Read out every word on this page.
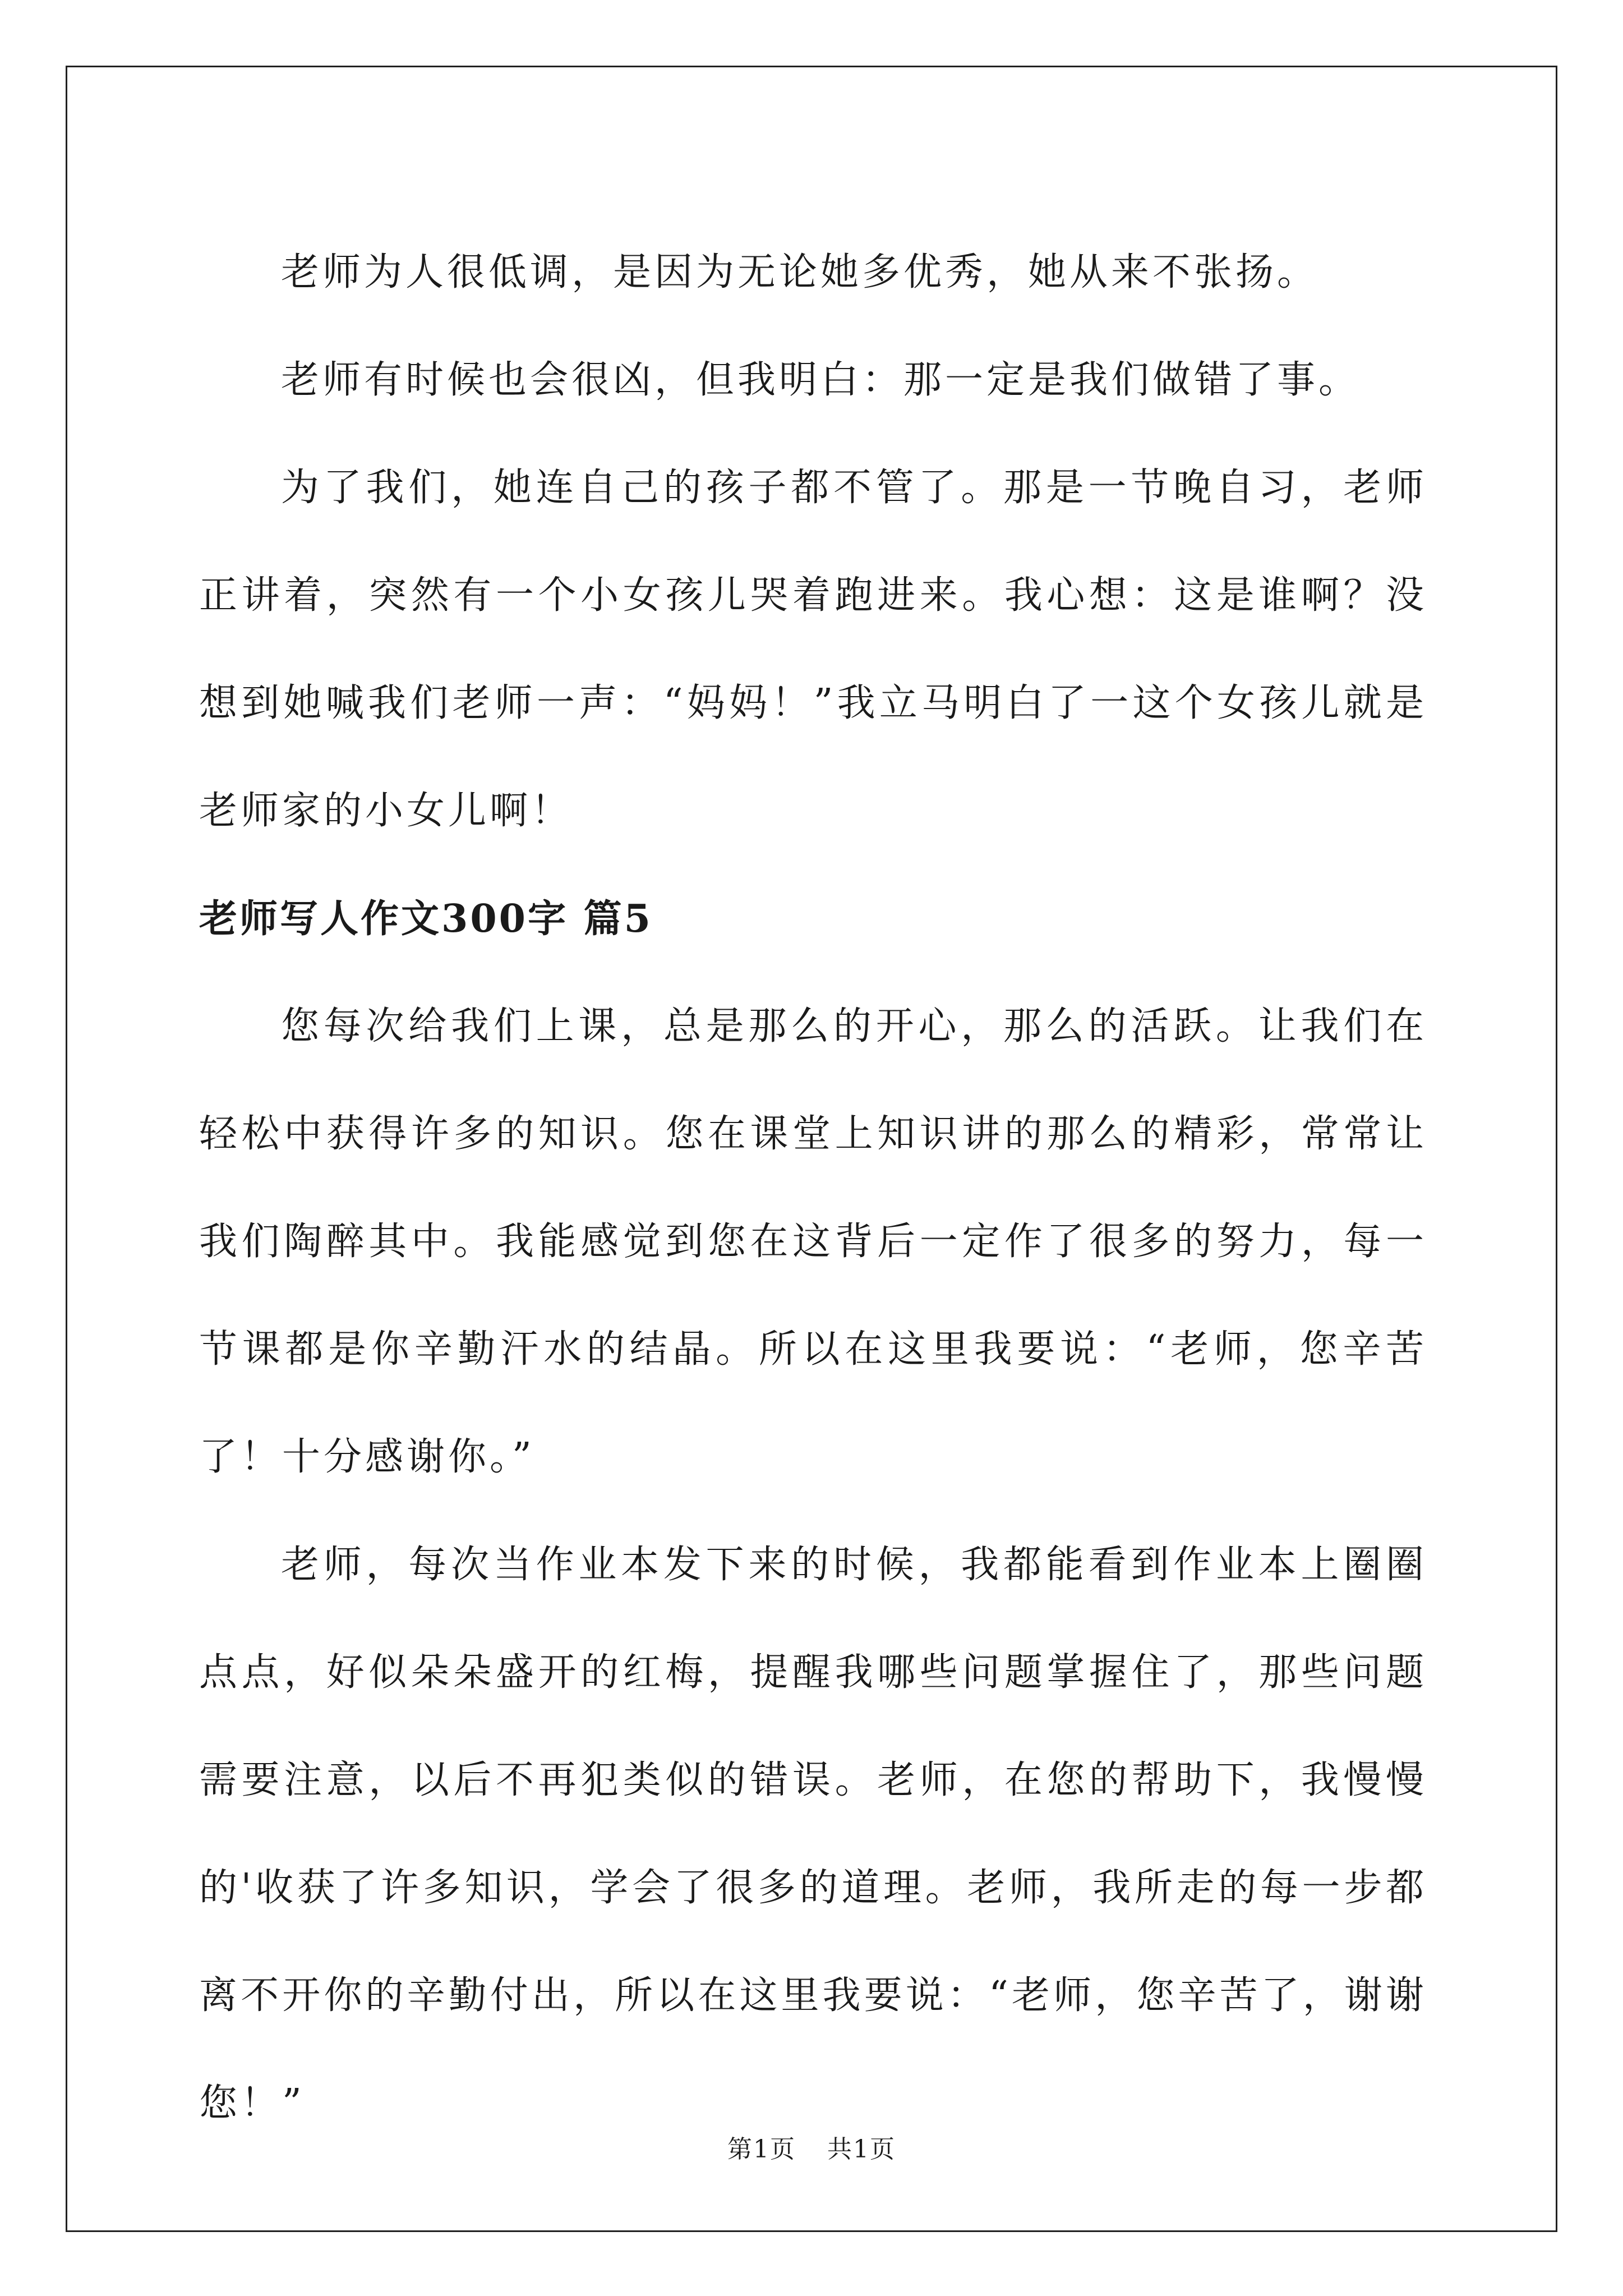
老师为人很低调，是因为无论她多优秀，她从来不张扬。

老师有时候也会很凶，但我明白：那一定是我们做错了事。

为了我们，她连自己的孩子都不管了。那是一节晚自习，老师正讲着，突然有一个小女孩儿哭着跑进来。我心想：这是谁啊？没想到她喊我们老师一声：“妈妈！”我立马明白了一这个女孩儿就是老师家的小女儿啊！

老师写人作文300字 篇5

您每次给我们上课，总是那么的开心，那么的活跃。让我们在轻松中获得许多的知识。您在课堂上知识讲的那么的精彩，常常让我们陶醉其中。我能感觉到您在这背后一定作了很多的努力，每一节课都是你辛勤汗水的结晶。所以在这里我要说：“老师，您辛苦了！十分感谢你。”

老师，每次当作业本发下来的时候，我都能看到作业本上圈圈点点，好似朵朵盛开的红梅，提醒我哪些问题掌握住了，那些问题需要注意，以后不再犯类似的错误。老师，在您的帮助下，我慢慢的'收获了许多知识，学会了很多的道理。老师，我所走的每一步都离不开你的辛勤付出，所以在这里我要说：“老师，您辛苦了，谢谢您！”

第1页 共1页
